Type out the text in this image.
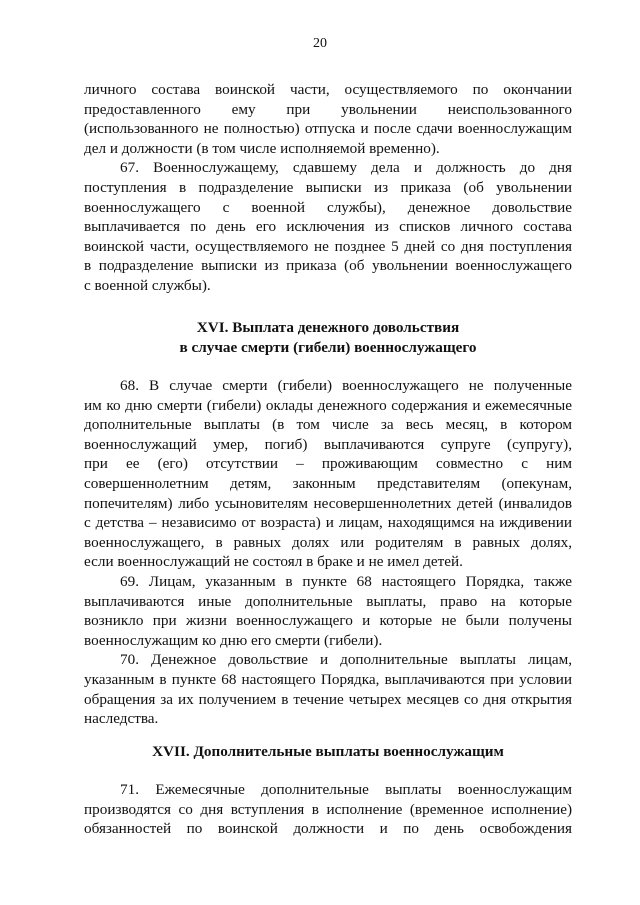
20
личного состава воинской части, осуществляемого по окончании
предоставленного ему при увольнении неиспользованного
(использованного не полностью) отпуска и после сдачи военнослужащим
дел и должности (в том числе исполняемой временно).
67. Военнослужащему, сдавшему дела и должность до дня
поступления в подразделение выписки из приказа (об увольнении
военнослужащего с военной службы), денежное довольствие
выплачивается по день его исключения из списков личного состава
воинской части, осуществляемого не позднее 5 дней со дня поступления
в подразделение выписки из приказа (об увольнении военнослужащего
с военной службы).
XVI. Выплата денежного довольствия
в случае смерти (гибели) военнослужащего
68. В случае смерти (гибели) военнослужащего не полученные
им ко дню смерти (гибели) оклады денежного содержания и ежемесячные
дополнительные выплаты (в том числе за весь месяц, в котором
военнослужащий умер, погиб) выплачиваются супруге (супругу),
при ее (его) отсутствии – проживающим совместно с ним
совершеннолетним детям, законным представителям (опекунам,
попечителям) либо усыновителям несовершеннолетних детей (инвалидов
с детства – независимо от возраста) и лицам, находящимся на иждивении
военнослужащего, в равных долях или родителям в равных долях,
если военнослужащий не состоял в браке и не имел детей.
69. Лицам, указанным в пункте 68 настоящего Порядка, также
выплачиваются иные дополнительные выплаты, право на которые
возникло при жизни военнослужащего и которые не были получены
военнослужащим ко дню его смерти (гибели).
70. Денежное довольствие и дополнительные выплаты лицам,
указанным в пункте 68 настоящего Порядка, выплачиваются при условии
обращения за их получением в течение четырех месяцев со дня открытия
наследства.
XVII. Дополнительные выплаты военнослужащим
71. Ежемесячные дополнительные выплаты военнослужащим
производятся со дня вступления в исполнение (временное исполнение)
обязанностей по воинской должности и по день освобождения
